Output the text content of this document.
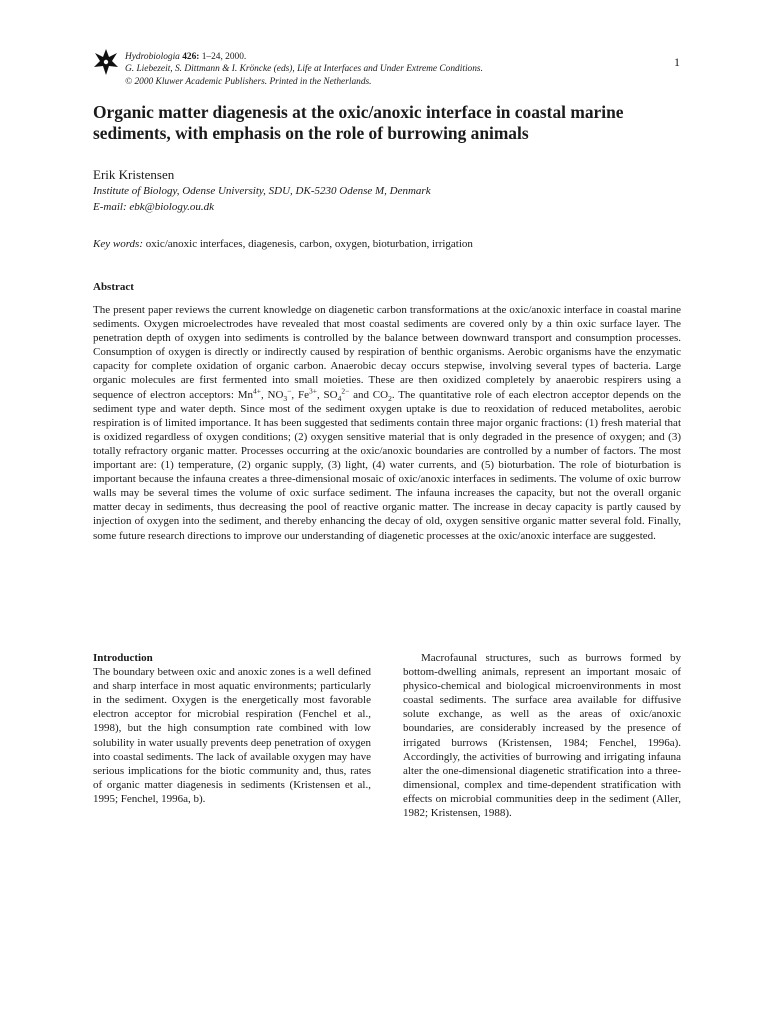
Hydrobiologia 426: 1–24, 2000.
G. Liebezeit, S. Dittmann & I. Kröncke (eds), Life at Interfaces and Under Extreme Conditions.
© 2000 Kluwer Academic Publishers. Printed in the Netherlands.
1
Organic matter diagenesis at the oxic/anoxic interface in coastal marine sediments, with emphasis on the role of burrowing animals
Erik Kristensen
Institute of Biology, Odense University, SDU, DK-5230 Odense M, Denmark
E-mail: ebk@biology.ou.dk
Key words: oxic/anoxic interfaces, diagenesis, carbon, oxygen, bioturbation, irrigation
Abstract

The present paper reviews the current knowledge on diagenetic carbon transformations at the oxic/anoxic interface in coastal marine sediments. Oxygen microelectrodes have revealed that most coastal sediments are covered only by a thin oxic surface layer. The penetration depth of oxygen into sediments is controlled by the balance between downward transport and consumption processes. Consumption of oxygen is directly or indirectly caused by respiration of benthic organisms. Aerobic organisms have the enzymatic capacity for complete oxidation of organic carbon. Anaerobic decay occurs stepwise, involving several types of bacteria. Large organic molecules are first fermented into small moieties. These are then oxidized completely by anaerobic respirers using a sequence of electron acceptors: $Mn^{4+}$, $NO_3^-$, $Fe^{3+}$, $SO_4^{2-}$ and $CO_2$. The quantitative role of each electron acceptor depends on the sediment type and water depth. Since most of the sediment oxygen uptake is due to reoxidation of reduced metabolites, aerobic respiration is of limited importance. It has been suggested that sediments contain three major organic fractions: (1) fresh material that is oxidized regardless of oxygen conditions; (2) oxygen sensitive material that is only degraded in the presence of oxygen; and (3) totally refractory organic matter. Processes occurring at the oxic/anoxic boundaries are controlled by a number of factors. The most important are: (1) temperature, (2) organic supply, (3) light, (4) water currents, and (5) bioturbation. The role of bioturbation is important because the infauna creates a three-dimensional mosaic of oxic/anoxic interfaces in sediments. The volume of oxic burrow walls may be several times the volume of oxic surface sediment. The infauna increases the capacity, but not the overall organic matter decay in sediments, thus decreasing the pool of reactive organic matter. The increase in decay capacity is partly caused by injection of oxygen into the sediment, and thereby enhancing the decay of old, oxygen sensitive organic matter several fold. Finally, some future research directions to improve our understanding of diagenetic processes at the oxic/anoxic interface are suggested.

Introduction

The boundary between oxic and anoxic zones is a well defined and sharp interface in most aquatic environments; particularly in the sediment. Oxygen is the energetically most favorable electron acceptor for microbial respiration (Fenchel et al., 1998), but the high consumption rate combined with low solubility in water usually prevents deep penetration of oxygen into coastal sediments. The lack of available oxygen may have serious implications for the biotic community and, thus, rates of organic matter diagenesis in sediments (Kristensen et al., 1995; Fenchel, 1996a, b).

Macrofaunal structures, such as burrows formed by bottom-dwelling animals, represent an important mosaic of physico-chemical and biological microenvironments in most coastal sediments. The surface area available for diffusive solute exchange, as well as the areas of oxic/anoxic boundaries, are considerably increased by the presence of irrigated burrows (Kristensen, 1984; Fenchel, 1996a). Accordingly, the activities of burrowing and irrigating infauna alter the one-dimensional diagenetic stratification into a three-dimensional, complex and time-dependent stratification with effects on microbial communities deep in the sediment (Aller, 1982; Kristensen, 1988).
